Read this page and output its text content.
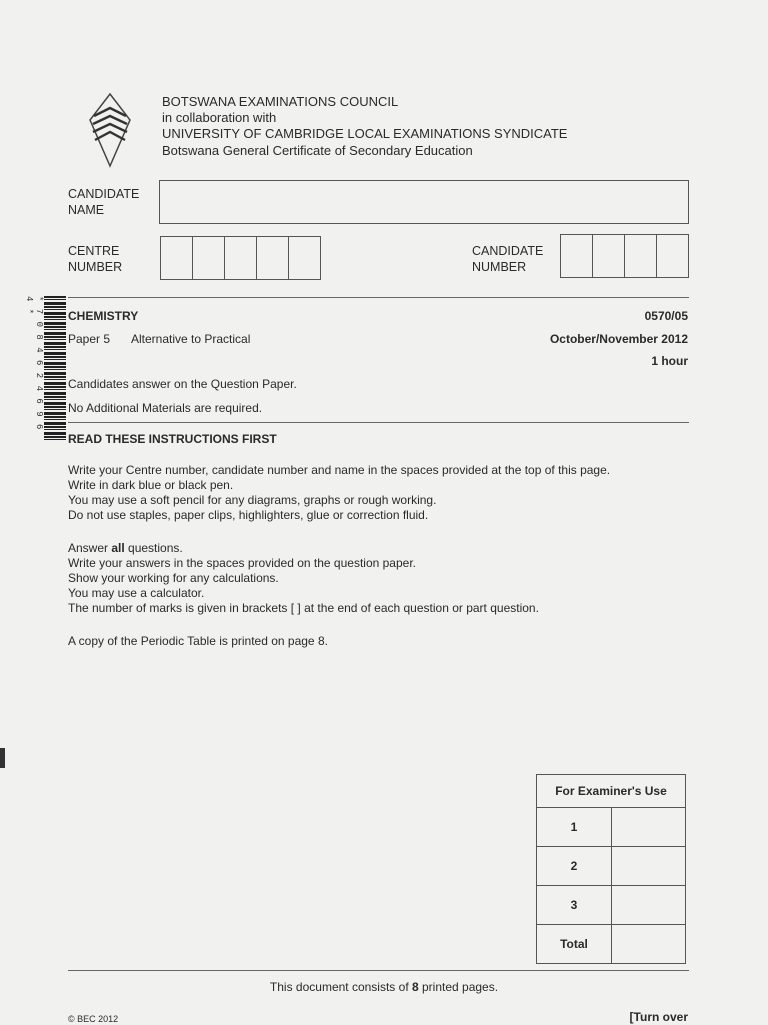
BOTSWANA EXAMINATIONS COUNCIL
in collaboration with
UNIVERSITY OF CAMBRIDGE LOCAL EXAMINATIONS SYNDICATE
Botswana General Certificate of Secondary Education
CANDIDATE NAME
CENTRE NUMBER
CANDIDATE NUMBER
* 7 0 8 4 6 2 4 6 9 6 4 *
CHEMISTRY	0570/05
Paper 5 Alternative to Practical	October/November 2012
1 hour
Candidates answer on the Question Paper.
No Additional Materials are required.
READ THESE INSTRUCTIONS FIRST
Write your Centre number, candidate number and name in the spaces provided at the top of this page.
Write in dark blue or black pen.
You may use a soft pencil for any diagrams, graphs or rough working.
Do not use staples, paper clips, highlighters, glue or correction fluid.
Answer all questions.
Write your answers in the spaces provided on the question paper.
Show your working for any calculations.
You may use a calculator.
The number of marks is given in brackets [ ] at the end of each question or part question.
A copy of the Periodic Table is printed on page 8.
For Examiner's Use	
1	
2	
3	
Total	
This document consists of 8 printed pages.
© BEC 2012	[Turn over
